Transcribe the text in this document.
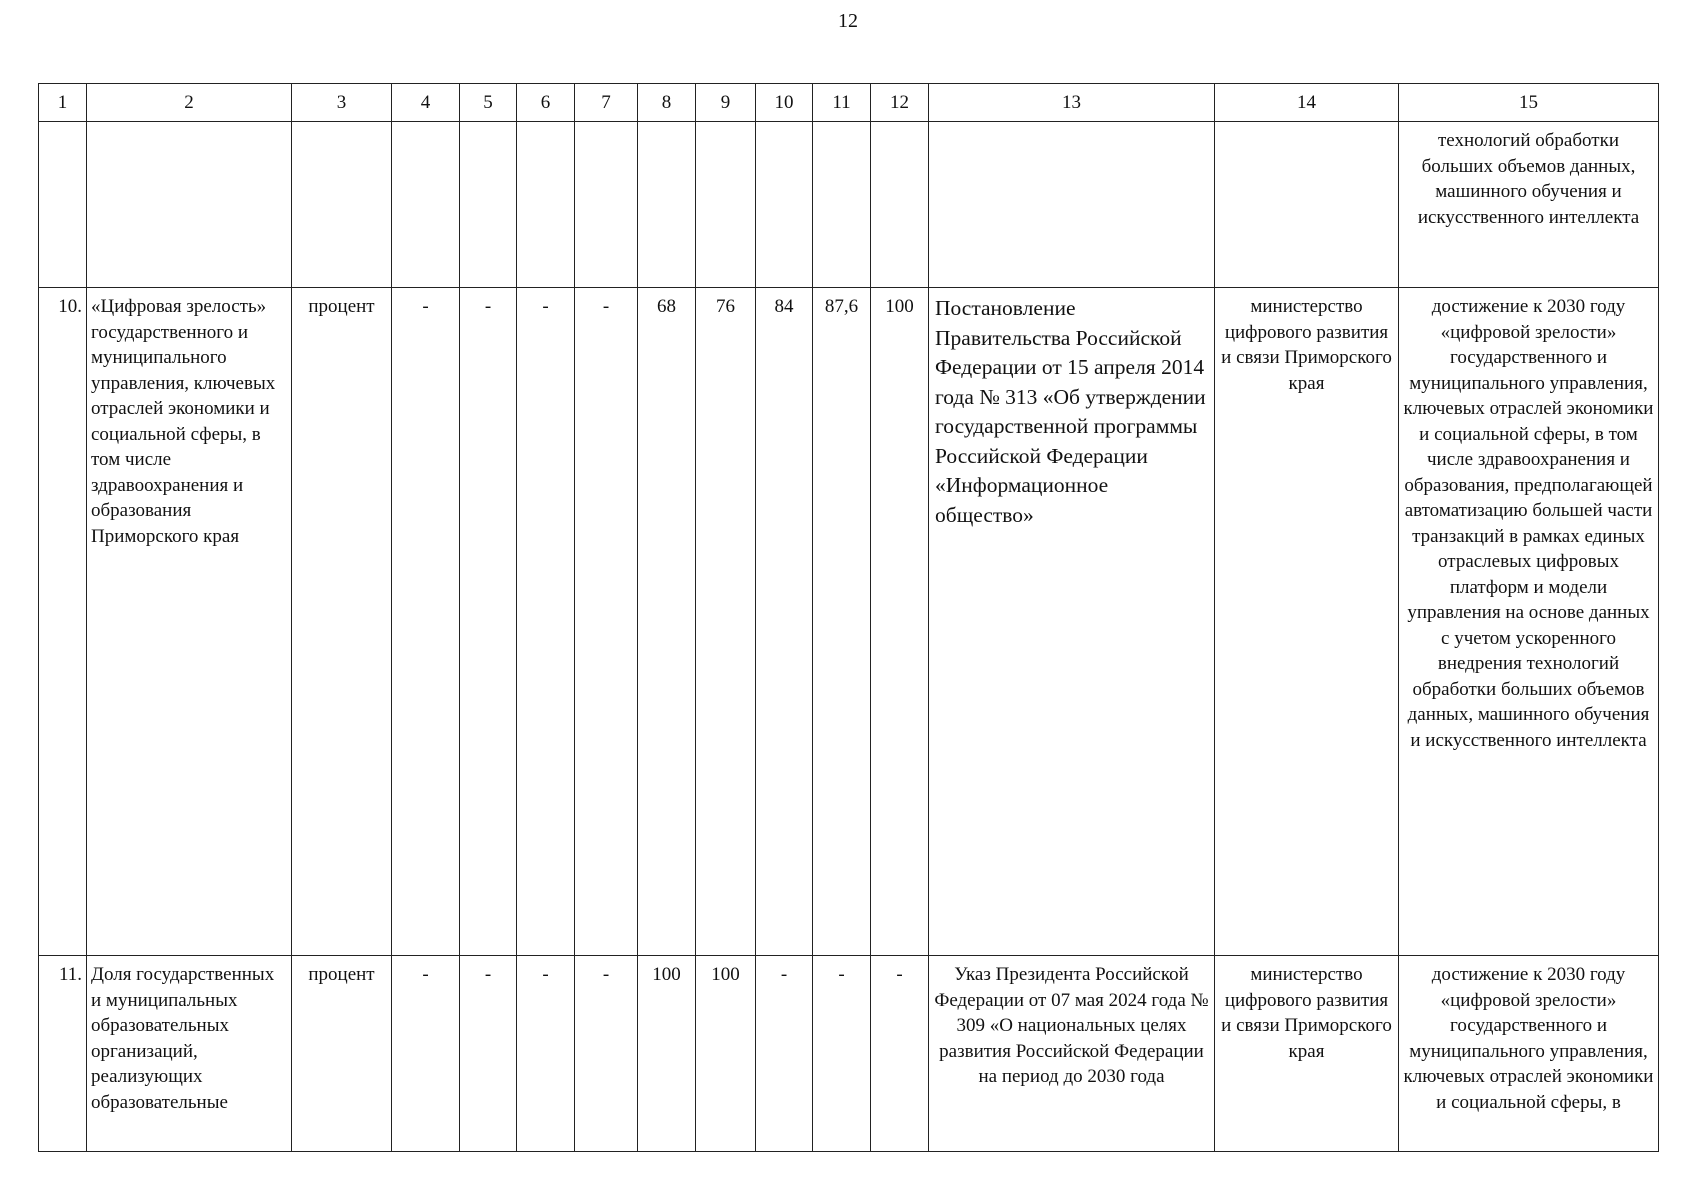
12
1	2	3	4	5	6	7	8	9	10	11	12	13	14	15
														технологий обработки больших объемов данных, машинного обучения и искусственного интеллекта
10.	«Цифровая зрелость» государственного и муниципального управления, ключевых отраслей экономики и социальной сферы, в том числе здравоохранения и образования Приморского края	процент	-	-	-	-	68	76	84	87,6	100	Постановление Правительства Российской Федерации от 15 апреля 2014 года № 313 «Об утверждении государственной программы Российской Федерации «Информационное общество»	министерство цифрового развития и связи Приморского края	достижение к 2030 году «цифровой зрелости» государственного и муниципального управления, ключевых отраслей экономики и социальной сферы, в том числе здравоохранения и образования, предполагающей автоматизацию большей части транзакций в рамках единых отраслевых цифровых платформ и модели управления на основе данных с учетом ускоренного внедрения технологий обработки больших объемов данных, машинного обучения и искусственного интеллекта
11.	Доля государственных и муниципальных образовательных организаций, реализующих образовательные	процент	-	-	-	-	100	100	-	-	-	Указ Президента Российской Федерации от 07 мая 2024 года № 309 «О национальных целях развития Российской Федерации на период до 2030 года	министерство цифрового развития и связи Приморского края	достижение к 2030 году «цифровой зрелости» государственного и муниципального управления, ключевых отраслей экономики и социальной сферы, в
